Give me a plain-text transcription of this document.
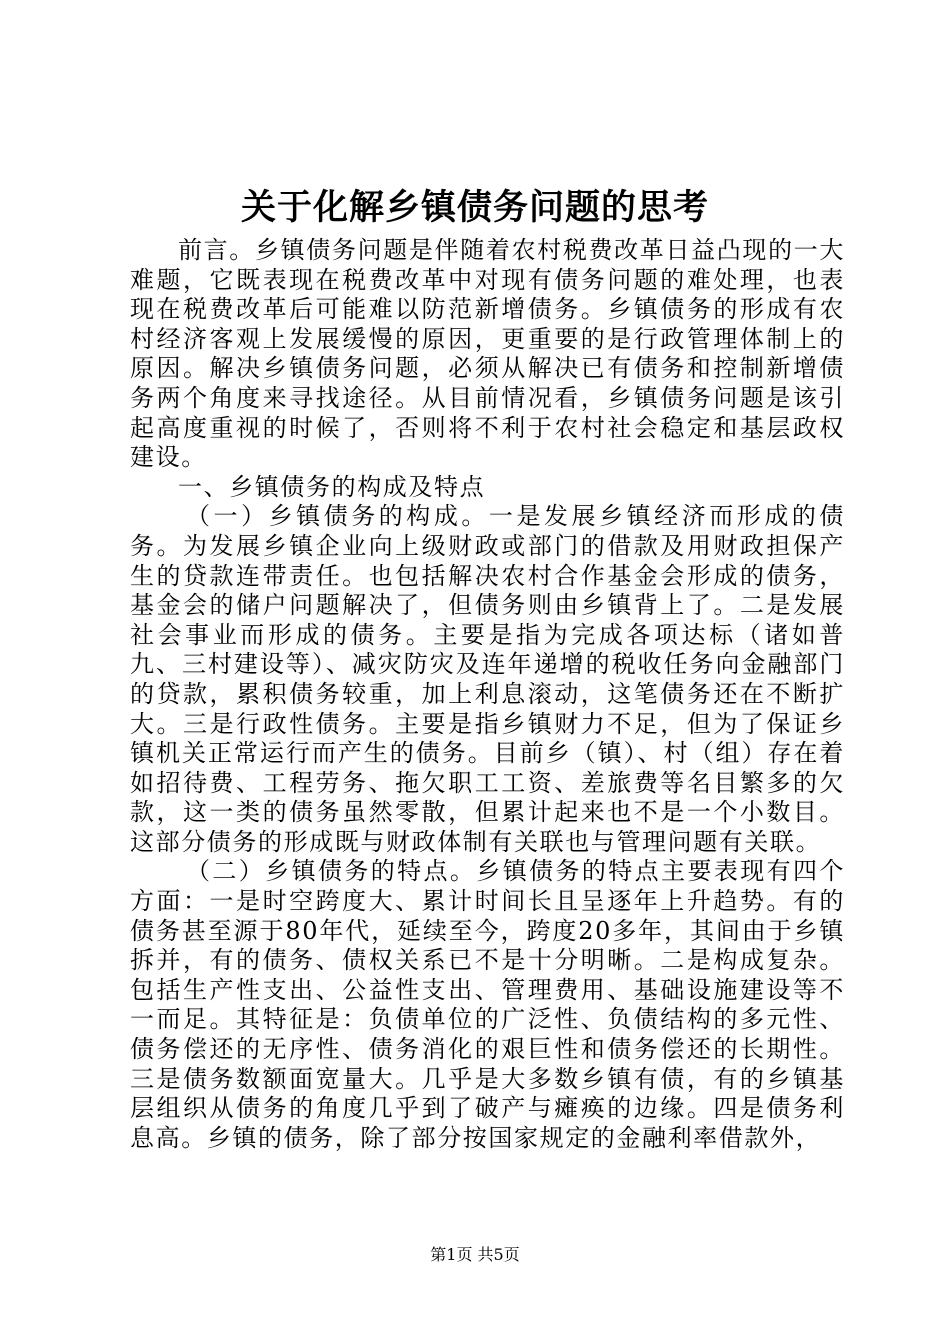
关于化解乡镇债务问题的思考

前言。乡镇债务问题是伴随着农村税费改革日益凸现的一大难题，它既表现在税费改革中对现有债务问题的难处理，也表现在税费改革后可能难以防范新增债务。乡镇债务的形成有农村经济客观上发展缓慢的原因，更重要的是行政管理体制上的原因。解决乡镇债务问题，必须从解决已有债务和控制新增债务两个角度来寻找途径。从目前情况看，乡镇债务问题是该引起高度重视的时候了，否则将不利于农村社会稳定和基层政权建设。

一、乡镇债务的构成及特点

（一）乡镇债务的构成。一是发展乡镇经济而形成的债务。为发展乡镇企业向上级财政或部门的借款及用财政担保产生的贷款连带责任。也包括解决农村合作基金会形成的债务，基金会的储户问题解决了，但债务则由乡镇背上了。二是发展社会事业而形成的债务。主要是指为完成各项达标（诸如普九、三村建设等）、减灾防灾及连年递增的税收任务向金融部门的贷款，累积债务较重，加上利息滚动，这笔债务还在不断扩大。三是行政性债务。主要是指乡镇财力不足，但为了保证乡镇机关正常运行而产生的债务。目前乡（镇）、村（组）存在着如招待费、工程劳务、拖欠职工工资、差旅费等名目繁多的欠款，这一类的债务虽然零散，但累计起来也不是一个小数目。这部分债务的形成既与财政体制有关联也与管理问题有关联。

（二）乡镇债务的特点。乡镇债务的特点主要表现有四个方面：一是时空跨度大、累计时间长且呈逐年上升趋势。有的债务甚至源于80年代，延续至今，跨度20多年，其间由于乡镇拆并，有的债务、债权关系已不是十分明晰。二是构成复杂。包括生产性支出、公益性支出、管理费用、基础设施建设等不一而足。其特征是：负债单位的广泛性、负债结构的多元性、债务偿还的无序性、债务消化的艰巨性和债务偿还的长期性。三是债务数额面宽量大。几乎是大多数乡镇有债，有的乡镇基层组织从债务的角度几乎到了破产与瘫痪的边缘。四是债务利息高。乡镇的债务，除了部分按国家规定的金融利率借款外，

第1页 共5页
